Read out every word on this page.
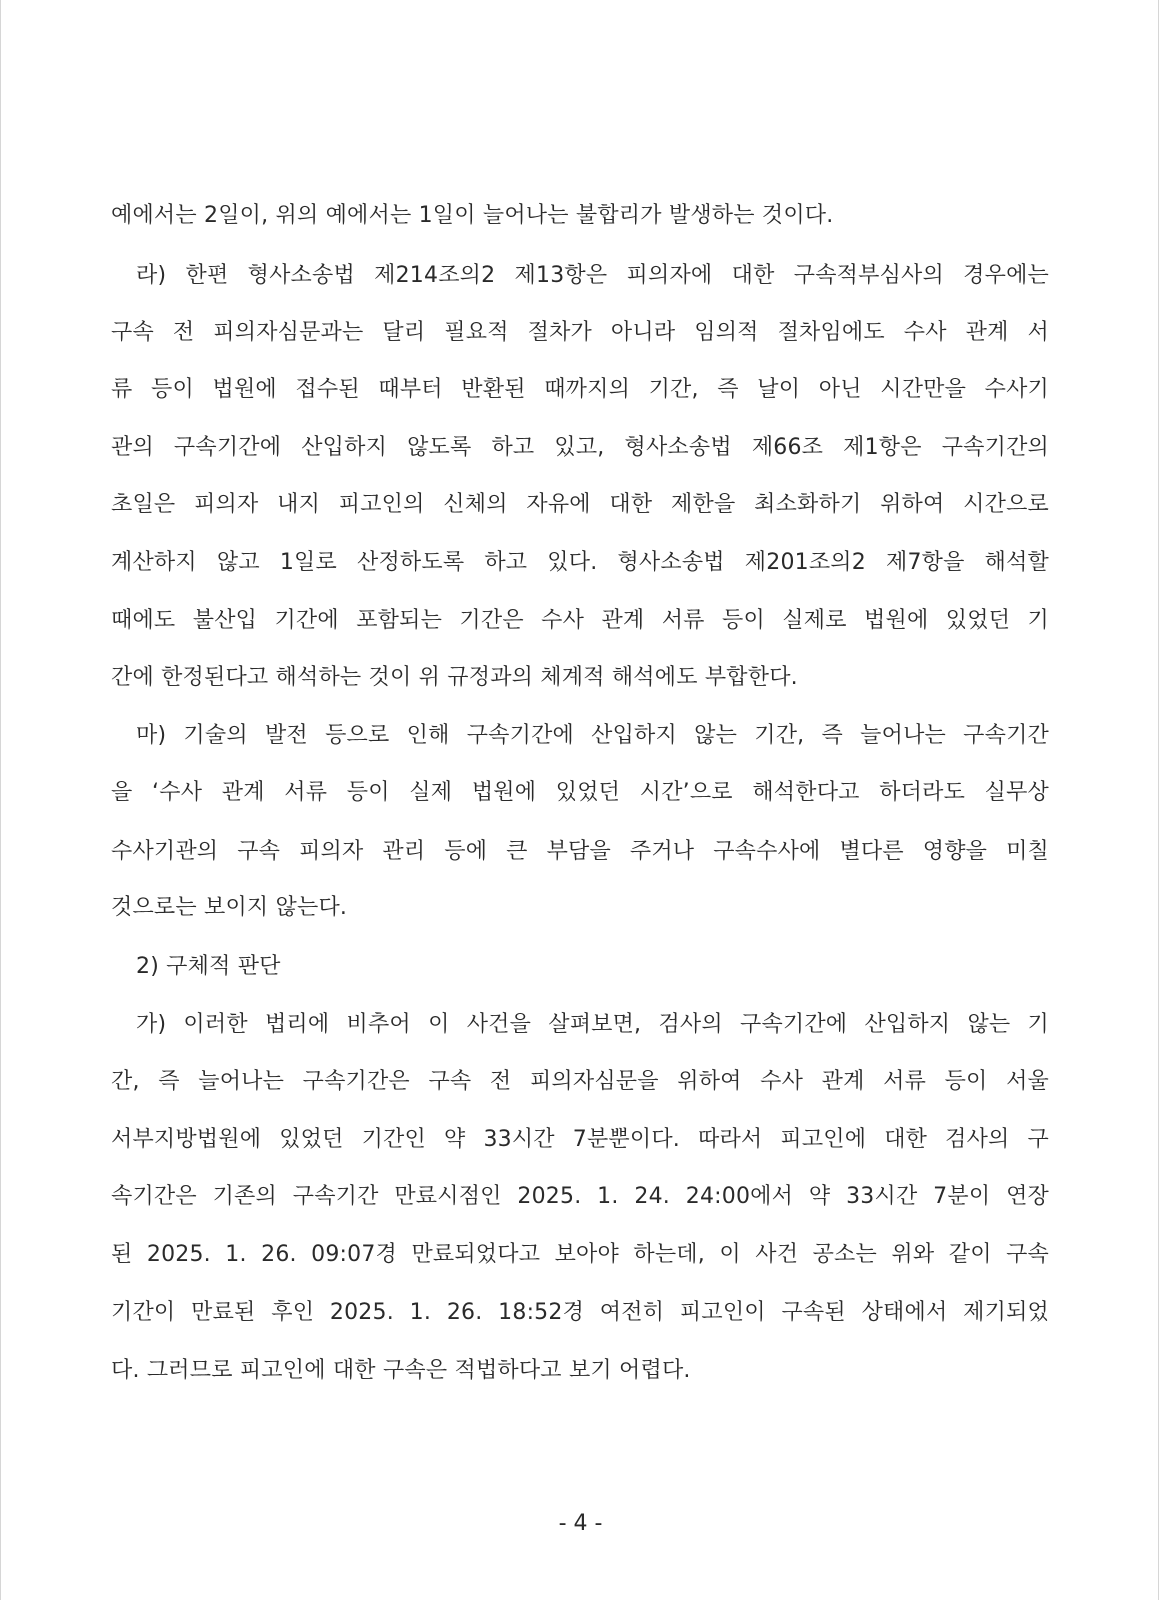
예에서는 2일이, 위의 예에서는 1일이 늘어나는 불합리가 발생하는 것이다.
라) 한편 형사소송법 제214조의2 제13항은 피의자에 대한 구속적부심사의 경우에는
구속 전 피의자심문과는 달리 필요적 절차가 아니라 임의적 절차임에도 수사 관계 서
류 등이 법원에 접수된 때부터 반환된 때까지의 기간, 즉 날이 아닌 시간만을 수사기
관의 구속기간에 산입하지 않도록 하고 있고, 형사소송법 제66조 제1항은 구속기간의
초일은 피의자 내지 피고인의 신체의 자유에 대한 제한을 최소화하기 위하여 시간으로
계산하지 않고 1일로 산정하도록 하고 있다. 형사소송법 제201조의2 제7항을 해석할
때에도 불산입 기간에 포함되는 기간은 수사 관계 서류 등이 실제로 법원에 있었던 기
간에 한정된다고 해석하는 것이 위 규정과의 체계적 해석에도 부합한다.
마) 기술의 발전 등으로 인해 구속기간에 산입하지 않는 기간, 즉 늘어나는 구속기간
을 ‘수사 관계 서류 등이 실제 법원에 있었던 시간’으로 해석한다고 하더라도 실무상
수사기관의 구속 피의자 관리 등에 큰 부담을 주거나 구속수사에 별다른 영향을 미칠
것으로는 보이지 않는다.
2) 구체적 판단
가) 이러한 법리에 비추어 이 사건을 살펴보면, 검사의 구속기간에 산입하지 않는 기
간, 즉 늘어나는 구속기간은 구속 전 피의자심문을 위하여 수사 관계 서류 등이 서울
서부지방법원에 있었던 기간인 약 33시간 7분뿐이다. 따라서 피고인에 대한 검사의 구
속기간은 기존의 구속기간 만료시점인 2025. 1. 24. 24:00에서 약 33시간 7분이 연장
된 2025. 1. 26. 09:07경 만료되었다고 보아야 하는데, 이 사건 공소는 위와 같이 구속
기간이 만료된 후인 2025. 1. 26. 18:52경 여전히 피고인이 구속된 상태에서 제기되었
다. 그러므로 피고인에 대한 구속은 적법하다고 보기 어렵다.
- 4 -
